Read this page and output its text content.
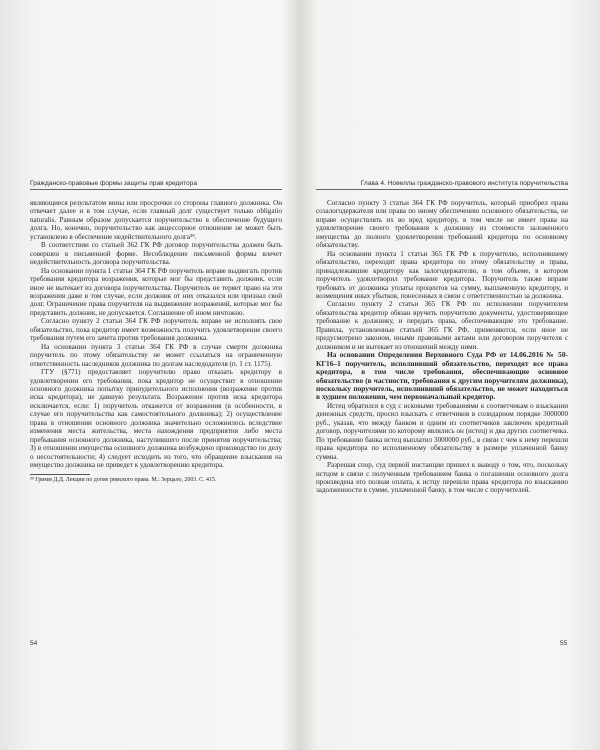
Гражданско-правовые формы защиты прав кредитора

являющиеся результатом вины или просрочки со стороны главного должника. Он отвечает далее и в том случае, если главный долг существует только obligatio naturalis. Равным образом допускается поручительство в обеспечение будущего долга. Но, конечно, поручительство как акцессорное отношение не может быть установлено в обеспечение недействительного долга³⁹.

В соответствии со статьей 362 ГК РФ договор поручительства должен быть совершен в письменной форме. Несоблюдение письменной формы влечет недействительность договора поручительства.

На основании пункта 1 статьи 364 ГК РФ поручитель вправе выдвигать против требования кредитора возражения, которые мог бы представить должник, если иное не вытекает из договора поручительства. Поручитель не теряет право на эти возражения даже в том случае, если должник от них отказался или признал свой долг. Ограничение права поручителя на выдвижение возражений, которые мог бы представить должник, не допускается. Соглашение об ином ничтожно.

Согласно пункту 2 статьи 364 ГК РФ поручитель вправе не исполнять свое обязательство, пока кредитор имеет возможность получить удовлетворение своего требования путем его зачета против требования должника.

На основании пункта 3 статьи 364 ГК РФ в случае смерти должника поручитель по этому обязательству не может ссылаться на ограниченную ответственность наследников должника по долгам наследодателя (п. 1 ст. 1175).

ГГУ (§771) предоставляет поручителю право отказать кредитору в удовлетворении его требования, пока кредитор не осуществит в отношении основного должника попытку принудительного исполнения (возражение против иска кредитора), не давшую результата. Возражение против иска кредитора исключается, если: 1) поручитель откажется от возражения (в особенности, в случае его поручительства как самостоятельного должника); 2) осуществление права в отношении основного должника значительно осложнилось вследствие изменения места жительства, места нахождения предприятия либо места пребывания основного должника, наступившего после принятия поручительства; 3) в отношении имущества основного должника возбуждено производство по делу о несостоятельности; 4) следует исходить из того, что обращение взыскания на имущество должника не приведет к удовлетворению кредитора.

³⁹ Гримм Д.Д. Лекции по догме римского права. М.: Зерцало, 2003. С. 415.

Глава 4. Новеллы гражданско-правового института поручительства

Согласно пункту 3 статьи 364 ГК РФ поручитель, который приобрел права созалогодержателя или права по иному обеспечению основного обязательства, не вправе осуществлять их во вред кредитору, в том числе не имеет права на удовлетворение своего требования к должнику из стоимости заложенного имущества до полного удовлетворения требований кредитора по основному обязательству.

На основании пункта 1 статьи 365 ГК РФ к поручителю, исполнившему обязательство, переходят права кредитора по этому обязательству и права, принадлежавшие кредитору как залогодержателю, в том объеме, в котором поручитель удовлетворил требование кредитора. Поручитель также вправе требовать от должника уплаты процентов на сумму, выплаченную кредитору, и возмещения иных убытков, понесенных в связи с ответственностью за должника.

Согласно пункту 2 статьи 365 ГК РФ по исполнении поручителем обязательства кредитор обязан вручить поручителю документы, удостоверяющие требование к должнику, и передать права, обеспечивающие это требование. Правила, установленные статьей 365 ГК РФ, применяются, если иное не предусмотрено законом, иными правовыми актами или договором поручителя с должником и не вытекает из отношений между ними.

На основании Определения Верховного Суда РФ от 14.06.2016 № 50-КГ16–1 поручитель, исполнивший обязательство, переходят все права кредитора, в том числе требования, обеспечивающие основное обязательство (в частности, требования к другим поручителям должника), поскольку поручитель, исполнивший обязательство, не может находиться в худшем положении, чем первоначальный кредитор.

Истец обратился в суд с исковыми требованиями к соответчикам о взыскании денежных средств, просил взыскать с ответчиков в солидарном порядке 3000000 руб., указав, что между банком и одним из соответчиков заключен кредитный договор, поручителями по которому являлись он (истец) и два других соответчика. По требованию банка истец выплатил 3000000 руб., в связи с чем к нему перешли права кредитора по исполненному обязательству в размере уплаченной банку суммы.

Разрешая спор, суд первой инстанции пришел к выводу о том, что, поскольку истцом в связи с полученным требованием банка о погашении основного долга произведена его полная оплата, к истцу перешли права кредитора по взысканию задолженности в сумме, уплаченной банку, в том числе с поручителей.

54	55
